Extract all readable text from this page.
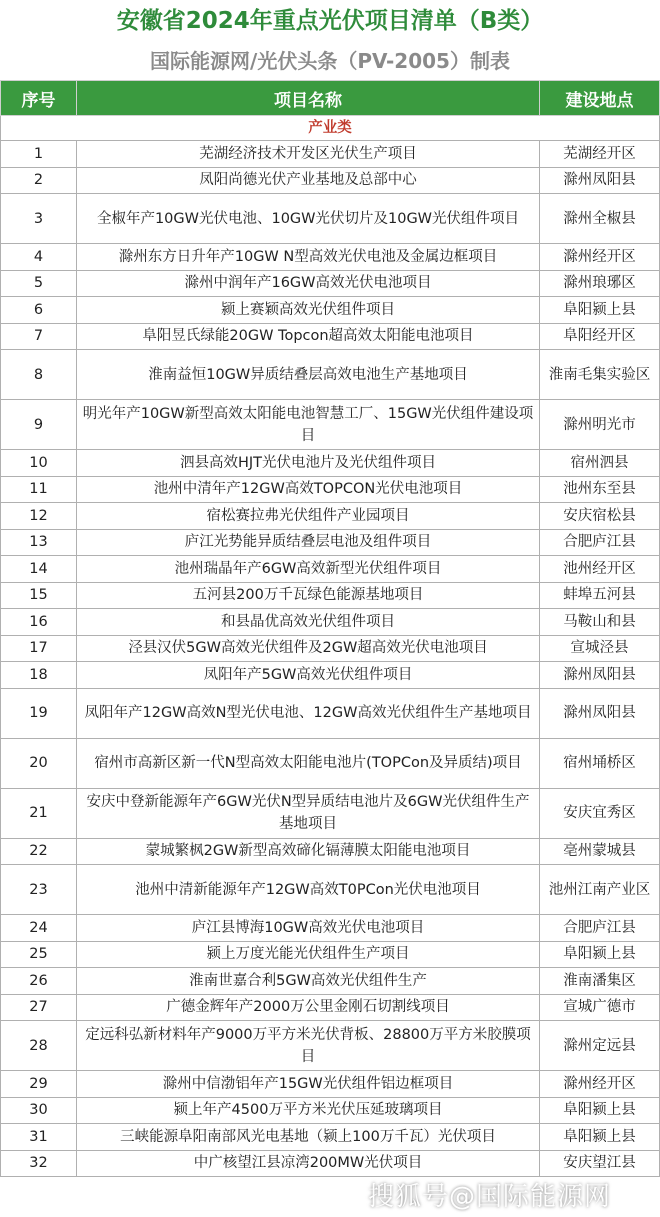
安徽省2024年重点光伏项目清单（B类）
国际能源网/光伏头条（PV-2005）制表
序号	项目名称	建设地点
产业类		
1	芜湖经济技术开发区光伏生产项目	芜湖经开区
2	凤阳尚德光伏产业基地及总部中心	滁州凤阳县
3	全椒年产10GW光伏电池、10GW光伏切片及10GW光伏组件项目	滁州全椒县
4	滁州东方日升年产10GW N型高效光伏电池及金属边框项目	滁州经开区
5	滁州中润年产16GW高效光伏电池项目	滁州琅琊区
6	颍上赛颖高效光伏组件项目	阜阳颍上县
7	阜阳昱氏绿能20GW Topcon超高效太阳能电池项目	阜阳经开区
8	淮南益恒10GW异质结叠层高效电池生产基地项目	淮南毛集实验区
9	明光年产10GW新型高效太阳能电池智慧工厂、15GW光伏组件建设项目	滁州明光市
10	泗县高效HJT光伏电池片及光伏组件项目	宿州泗县
11	池州中清年产12GW高效TOPCON光伏电池项目	池州东至县
12	宿松赛拉弗光伏组件产业园项目	安庆宿松县
13	庐江光势能异质结叠层电池及组件项目	合肥庐江县
14	池州瑞晶年产6GW高效新型光伏组件项目	池州经开区
15	五河县200万千瓦绿色能源基地项目	蚌埠五河县
16	和县晶优高效光伏组件项目	马鞍山和县
17	泾县汉伏5GW高效光伏组件及2GW超高效光伏电池项目	宣城泾县
18	凤阳年产5GW高效光伏组件项目	滁州凤阳县
19	凤阳年产12GW高效N型光伏电池、12GW高效光伏组件生产基地项目	滁州凤阳县
20	宿州市高新区新一代N型高效太阳能电池片(TOPCon及异质结)项目	宿州埇桥区
21	安庆中登新能源年产6GW光伏N型异质结电池片及6GW光伏组件生产基地项目	安庆宜秀区
22	蒙城繁枫2GW新型高效碲化镉薄膜太阳能电池项目	亳州蒙城县
23	池州中清新能源年产12GW高效T0PCon光伏电池项目	池州江南产业区
24	庐江县博海10GW高效光伏电池项目	合肥庐江县
25	颍上万度光能光伏组件生产项目	阜阳颍上县
26	淮南世嘉合利5GW高效光伏组件生产	淮南潘集区
27	广德金辉年产2000万公里金刚石切割线项目	宣城广德市
28	定远科弘新材料年产9000万平方米光伏背板、28800万平方米胶膜项目	滁州定远县
29	滁州中信渤铝年产15GW光伏组件铝边框项目	滁州经开区
30	颍上年产4500万平方米光伏压延玻璃项目	阜阳颍上县
31	三峡能源阜阳南部风光电基地（颍上100万千瓦）光伏项目	阜阳颍上县
32	中广核望江县凉湾200MW光伏项目	安庆望江县
搜狐号@国际能源网
